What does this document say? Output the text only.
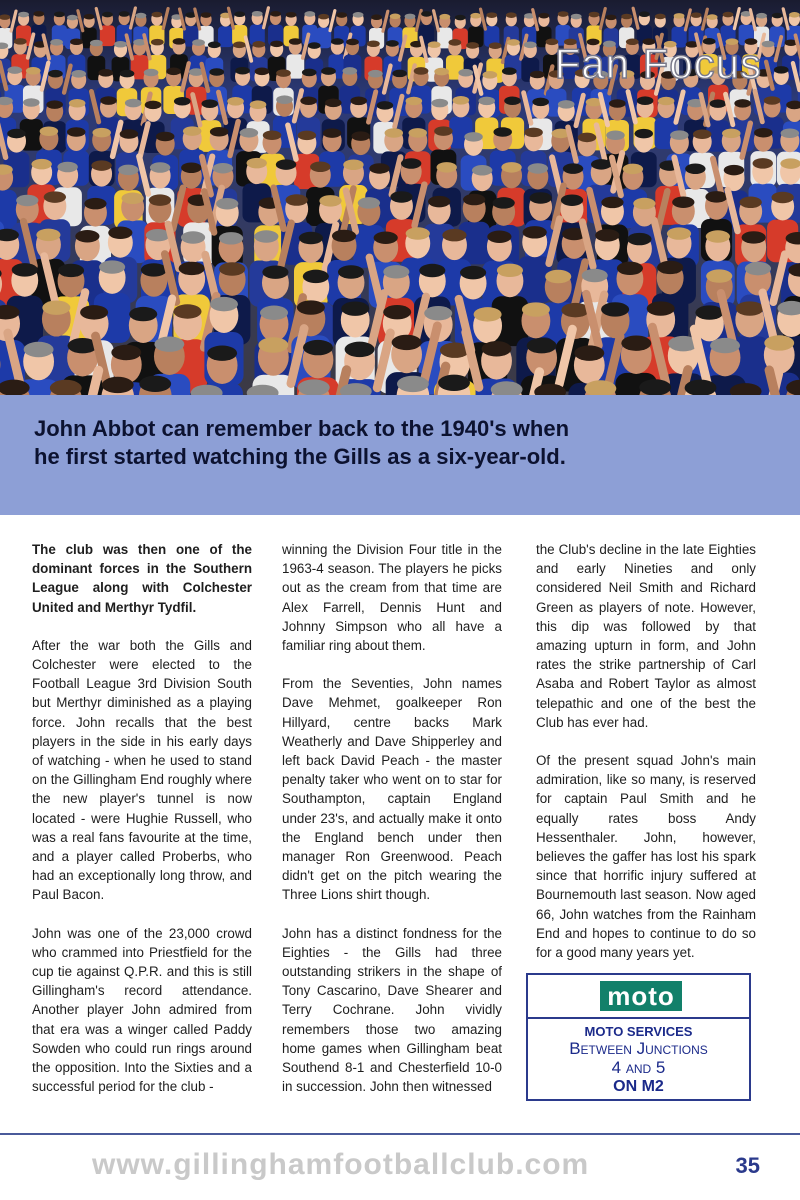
Fan Focus

John Abbot can remember back to the 1940's when he first started watching the Gills as a six-year-old.

The club was then one of the dominant forces in the Southern League along with Colchester United and Merthyr Tydfil.

After the war both the Gills and Colchester were elected to the Football League 3rd Division South but Merthyr diminished as a playing force. John recalls that the best players in the side in his early days of watching - when he used to stand on the Gillingham End roughly where the new player's tunnel is now located - were Hughie Russell, who was a real fans favourite at the time, and a player called Proberbs, who had an exceptionally long throw, and Paul Bacon.

John was one of the 23,000 crowd who crammed into Priestfield for the cup tie against Q.P.R. and this is still Gillingham's record attendance. Another player John admired from that era was a winger called Paddy Sowden who could run rings around the opposition. Into the Sixties and a successful period for the club -

winning the Division Four title in the 1963-4 season. The players he picks out as the cream from that time are Alex Farrell, Dennis Hunt and Johnny Simpson who all have a familiar ring about them.

From the Seventies, John names Dave Mehmet, goalkeeper Ron Hillyard, centre backs Mark Weatherly and Dave Shipperley and left back David Peach - the master penalty taker who went on to star for Southampton, captain England under 23's, and actually make it onto the England bench under then manager Ron Greenwood. Peach didn't get on the pitch wearing the Three Lions shirt though.

John has a distinct fondness for the Eighties - the Gills had three outstanding strikers in the shape of Tony Cascarino, Dave Shearer and Terry Cochrane. John vividly remembers those two amazing home games when Gillingham beat Southend 8-1 and Chesterfield 10-0 in succession. John then witnessed

the Club's decline in the late Eighties and early Nineties and only considered Neil Smith and Richard Green as players of note. However, this dip was followed by that amazing upturn in form, and John rates the strike partnership of Carl Asaba and Robert Taylor as almost telepathic and one of the best the Club has ever had.

Of the present squad John's main admiration, like so many, is reserved for captain Paul Smith and he equally rates boss Andy Hessenthaler. John, however, believes the gaffer has lost his spark since that horrific injury suffered at Bournemouth last season. Now aged 66, John watches from the Rainham End and hopes to continue to do so for a good many years yet.

moto
MOTO SERVICES
Between Junctions
4 and 5
ON M2
www.gillinghamfootballclub.com	35
